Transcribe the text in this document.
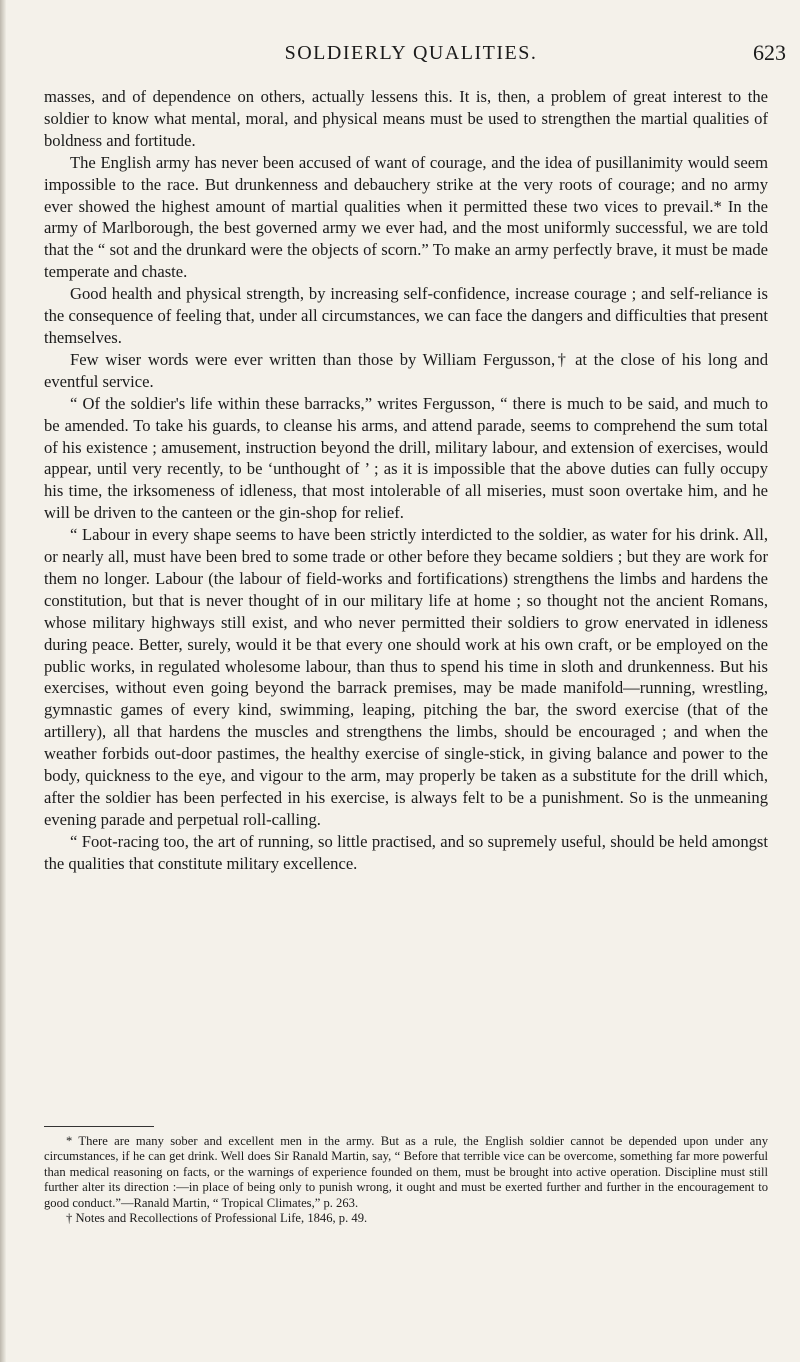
SOLDIERLY QUALITIES.	623

masses, and of dependence on others, actually lessens this. It is, then, a problem of great interest to the soldier to know what mental, moral, and physical means must be used to strengthen the martial qualities of boldness and fortitude.

The English army has never been accused of want of courage, and the idea of pusillanimity would seem impossible to the race. But drunkenness and debauchery strike at the very roots of courage; and no army ever showed the highest amount of martial qualities when it permitted these two vices to prevail.* In the army of Marlborough, the best governed army we ever had, and the most uniformly successful, we are told that the “ sot and the drunkard were the objects of scorn.” To make an army perfectly brave, it must be made temperate and chaste.

Good health and physical strength, by increasing self-confidence, increase courage ; and self-reliance is the consequence of feeling that, under all circumstances, we can face the dangers and difficulties that present themselves.

Few wiser words were ever written than those by William Fergusson,† at the close of his long and eventful service.

“ Of the soldier's life within these barracks,” writes Fergusson, “ there is much to be said, and much to be amended. To take his guards, to cleanse his arms, and attend parade, seems to comprehend the sum total of his existence ; amusement, instruction beyond the drill, military labour, and extension of exercises, would appear, until very recently, to be ‘unthought of ’ ; as it is impossible that the above duties can fully occupy his time, the irksomeness of idleness, that most intolerable of all miseries, must soon overtake him, and he will be driven to the canteen or the gin-shop for relief.

“ Labour in every shape seems to have been strictly interdicted to the soldier, as water for his drink. All, or nearly all, must have been bred to some trade or other before they became soldiers ; but they are work for them no longer. Labour (the labour of field-works and fortifications) strengthens the limbs and hardens the constitution, but that is never thought of in our military life at home ; so thought not the ancient Romans, whose military highways still exist, and who never permitted their soldiers to grow enervated in idleness during peace. Better, surely, would it be that every one should work at his own craft, or be employed on the public works, in regulated wholesome labour, than thus to spend his time in sloth and drunkenness. But his exercises, without even going beyond the barrack premises, may be made manifold—running, wrestling, gymnastic games of every kind, swimming, leaping, pitching the bar, the sword exercise (that of the artillery), all that hardens the muscles and strengthens the limbs, should be encouraged ; and when the weather forbids out-door pastimes, the healthy exercise of single-stick, in giving balance and power to the body, quickness to the eye, and vigour to the arm, may properly be taken as a substitute for the drill which, after the soldier has been perfected in his exercise, is always felt to be a punishment. So is the unmeaning evening parade and perpetual roll-calling.

“ Foot-racing too, the art of running, so little practised, and so supremely useful, should be held amongst the qualities that constitute military excellence.

* There are many sober and excellent men in the army. But as a rule, the English soldier cannot be depended upon under any circumstances, if he can get drink. Well does Sir Ranald Martin, say, “ Before that terrible vice can be overcome, something far more powerful than medical reasoning on facts, or the warnings of experience founded on them, must be brought into active operation. Discipline must still further alter its direction :—in place of being only to punish wrong, it ought and must be exerted further and further in the encouragement to good conduct.”—Ranald Martin, “ Tropical Climates,” p. 263.

† Notes and Recollections of Professional Life, 1846, p. 49.
